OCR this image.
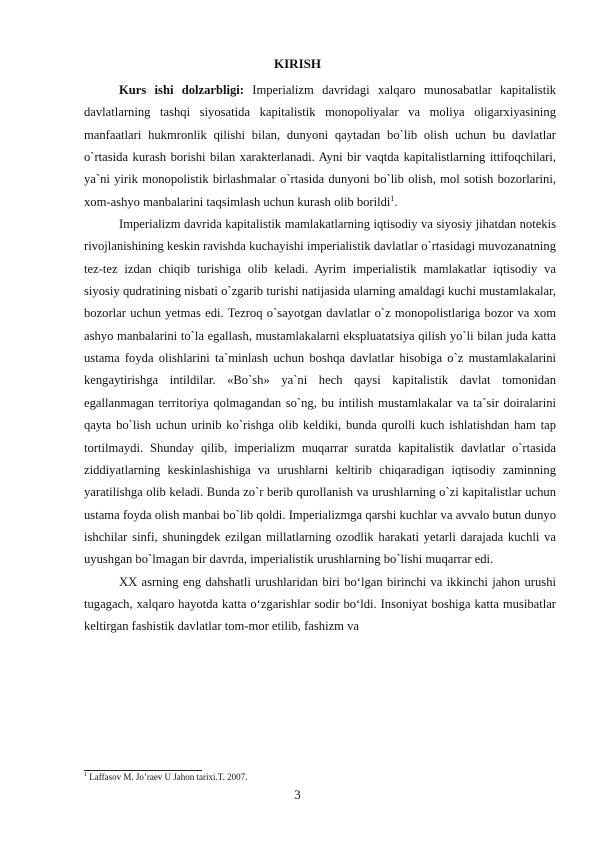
KIRISH

Kurs ishi dolzarbligi: Imperializm davridagi xalqaro munosabatlar kapitalistik davlatlarning tashqi siyosatida kapitalistik monopoliyalar va moliya oligarxiyasining manfaatlari hukmronlik qilishi bilan, dunyoni qaytadan bo`lib olish uchun bu davlatlar o`rtasida kurash borishi bilan xarakterlanadi. Ayni bir vaqtda kapitalistlarning ittifoqchilari, ya`ni yirik monopolistik birlashmalar o`rtasida dunyoni bo`lib olish, mol sotish bozorlarini, xom-ashyo manbalarini taqsimlash uchun kurash olib borildi$^1$.

Imperializm davrida kapitalistik mamlakatlarning iqtisodiy va siyosiy jihatdan notekis rivojlanishining keskin ravishda kuchayishi imperialistik davlatlar o`rtasidagi muvozanatning tez-tez izdan chiqib turishiga olib keladi. Ayrim imperialistik mamlakatlar iqtisodiy va siyosiy qudratining nisbati o`zgarib turishi natijasida ularning amaldagi kuchi mustamlakalar, bozorlar uchun yetmas edi. Tezroq o`sayotgan davlatlar o`z monopolistlariga bozor va xom ashyo manbalarini to`la egallash, mustamlakalarni ekspluatatsiya qilish yo`li bilan juda katta ustama foyda olishlarini ta`minlash uchun boshqa davlatlar hisobiga o`z mustamlakalarini kengaytirishga intildilar. «Bo`sh» ya`ni hech qaysi kapitalistik davlat tomonidan egallanmagan territoriya qolmagandan so`ng, bu intilish mustamlakalar va ta`sir doiralarini qayta bo`lish uchun urinib ko`rishga olib keldiki, bunda qurolli kuch ishlatishdan ham tap tortilmaydi. Shunday qilib, imperializm muqarrar suratda kapitalistik davlatlar o`rtasida ziddiyatlarning keskinlashishiga va urushlarni keltirib chiqaradigan iqtisodiy zaminning yaratilishga olib keladi. Bunda zo`r berib qurollanish va urushlarning o`zi kapitalistlar uchun ustama foyda olish manbai bo`lib qoldi. Imperializmga qarshi kuchlar va avvalo butun dunyo ishchilar sinfi, shuningdek ezilgan millatlarning ozodlik harakati yetarli darajada kuchli va uyushgan bo`lmagan bir davrda, imperialistik urushlarning bo`lishi muqarrar edi.

XX asrning eng dahshatli urushlaridan biri bo‘lgan birinchi va ikkinchi jahon urushi tugagach, xalqaro hayotda katta o‘zgarishlar sodir bo‘ldi. Insoniyat boshiga katta musibatlar keltirgan fashistik davlatlar tom-mor etilib, fashizm va

$^1$ Laffasov M. Jo’raev U Jahon tarixi.T. 2007.
3
